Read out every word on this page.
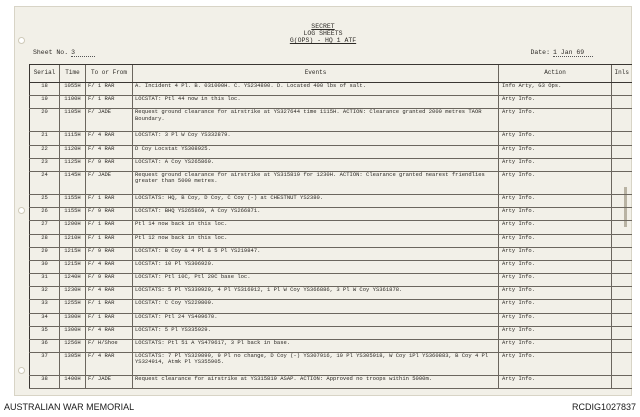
SECRET
LOG SHEETS
G(OPS) - HQ 1 ATF
Sheet No. 3	Date: 1 Jan 69
Serial	Time	To or From	Events	Action	Inls
18	1055H	F/ 1 RAR	A. Incident 4 Pl. B. 031000H. C. YS234800. D. Located 400 lbs of salt.	Info Arty, G3 Ops.	
19	1100H	F/ 1 RAR	LOCSTAT: Ptl 44 now in this loc.	Arty Info.	
20	1105H	F/ JADE	Request ground clearance for airstrike at YS327644 time 1115H. ACTION: Clearance granted 2000 metres TAOR Boundary.	Arty Info.	
21	1115H	F/ 4 RAR	LOCSTAT: 3 Pl W Coy YS332879.	Arty Info.	
22	1120H	F/ 4 RAR	D Coy Locstat YS308925.	Arty Info.	
23	1125H	F/ 9 RAR	LOCSTAT: A Coy YS265869.	Arty Info.	
24	1145H	F/ JADE	Request ground clearance for airstrike at YS315819 for 1230H. ACTION: Clearance granted nearest friendlies greater than 5000 metres.	Arty Info.	
25	1155H	F/ 1 RAR	LOCSTATS: HQ, B Coy, D Coy, C Coy (-) at CHESTNUT YS2380.	Arty Info.	
26	1155H	F/ 9 RAR	LOCSTAT: BHQ YS265869, A Coy YS266871.	Arty Info.	
27	1200H	F/ 1 RAR	Ptl 14 now back in this loc.	Arty Info.	
28	1210H	F/ 1 RAR	Ptl 12 now back in this loc.	Arty Info.	
29	1215H	F/ 9 RAR	LOCSTAT: B Coy & 4 Pl & 5 Pl YS219847.	Arty Info.	
30	1215H	F/ 4 RAR	LOCSTAT: 10 Pl YS306920.	Arty Info.	
31	1240H	F/ 9 RAR	LOCSTAT: Ptl 10C, Ptl 20C base loc.	Arty Info.	
32	1230H	F/ 4 RAR	LOCSTATS: 5 Pl YS330929, 4 Pl YS316912, 1 Pl W Coy YS366886, 3 Pl W Coy YS361878.	Arty Info.	
33	1255H	F/ 1 RAR	LOCSTAT: C Coy YS229809.	Arty Info.	
34	1300H	F/ 1 RAR	LOCSTAT: Ptl 24 YS409670.	Arty Info.	
35	1300H	F/ 4 RAR	LOCSTAT: 5 Pl YS335929.	Arty Info.	
36	1256H	F/ H/Shoe	LOCSTATS: Ptl 51 A YS479617, 3 Pl back in base.	Arty Info.	
37	1305H	F/ 4 RAR	LOCSTATS: 7 Pl YS329899, 9 Pl no change, D Coy (-) YS307916, 10 Pl YS305918, W Coy 1Pl YS360883, B Coy 4 Pl YS324914, Atmk Pl YS355905.	Arty Info.	
38	1400H	F/ JADE	Request clearance for airstrike at YS315819 ASAP. ACTION: Approved no troops within 5000m.	Arty Info.	
AUSTRALIAN WAR MEMORIAL	RCDIG1027837
